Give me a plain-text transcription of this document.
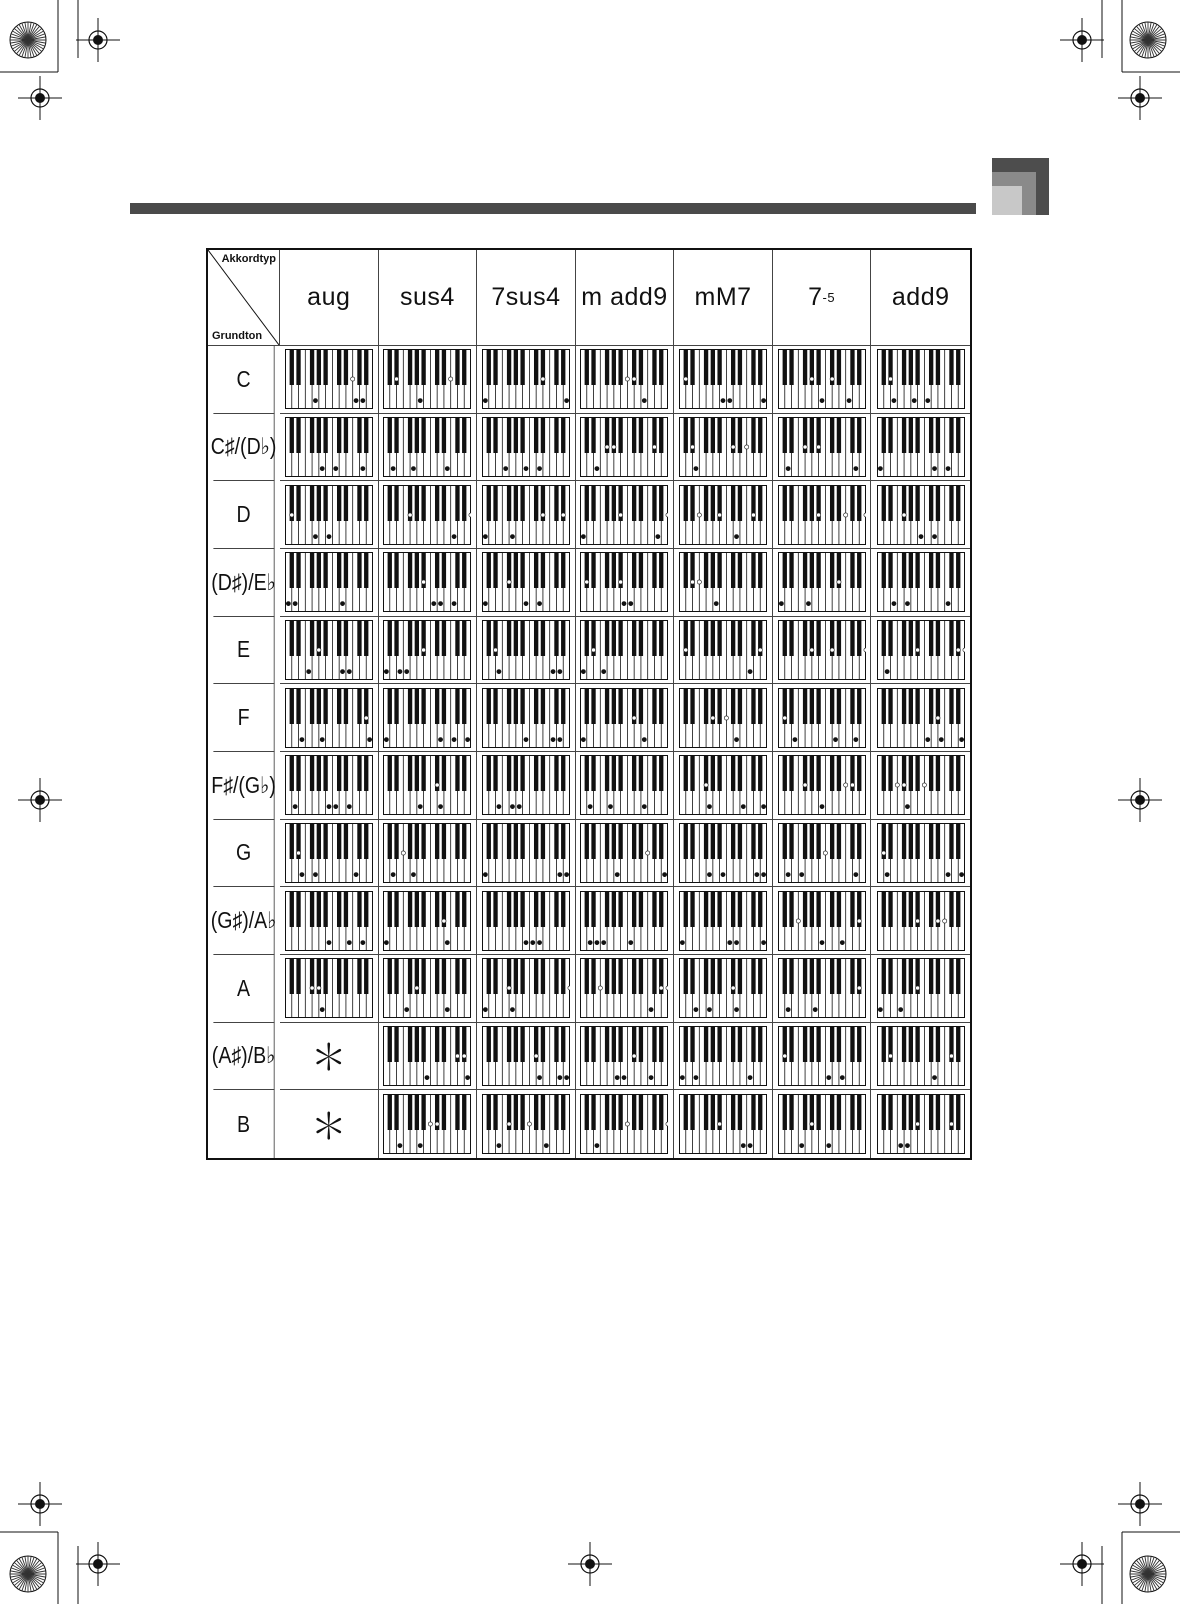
Akkordtyp
Grundton
aug sus4 7sus4 m add9 mM7 7 -5 add9
C
C♯/(D♭)
D
(D♯)/E♭
E
F
F♯/(G♭)
G
(G♯)/A♭
A
(A♯)/B♭ ＊
B	＊
